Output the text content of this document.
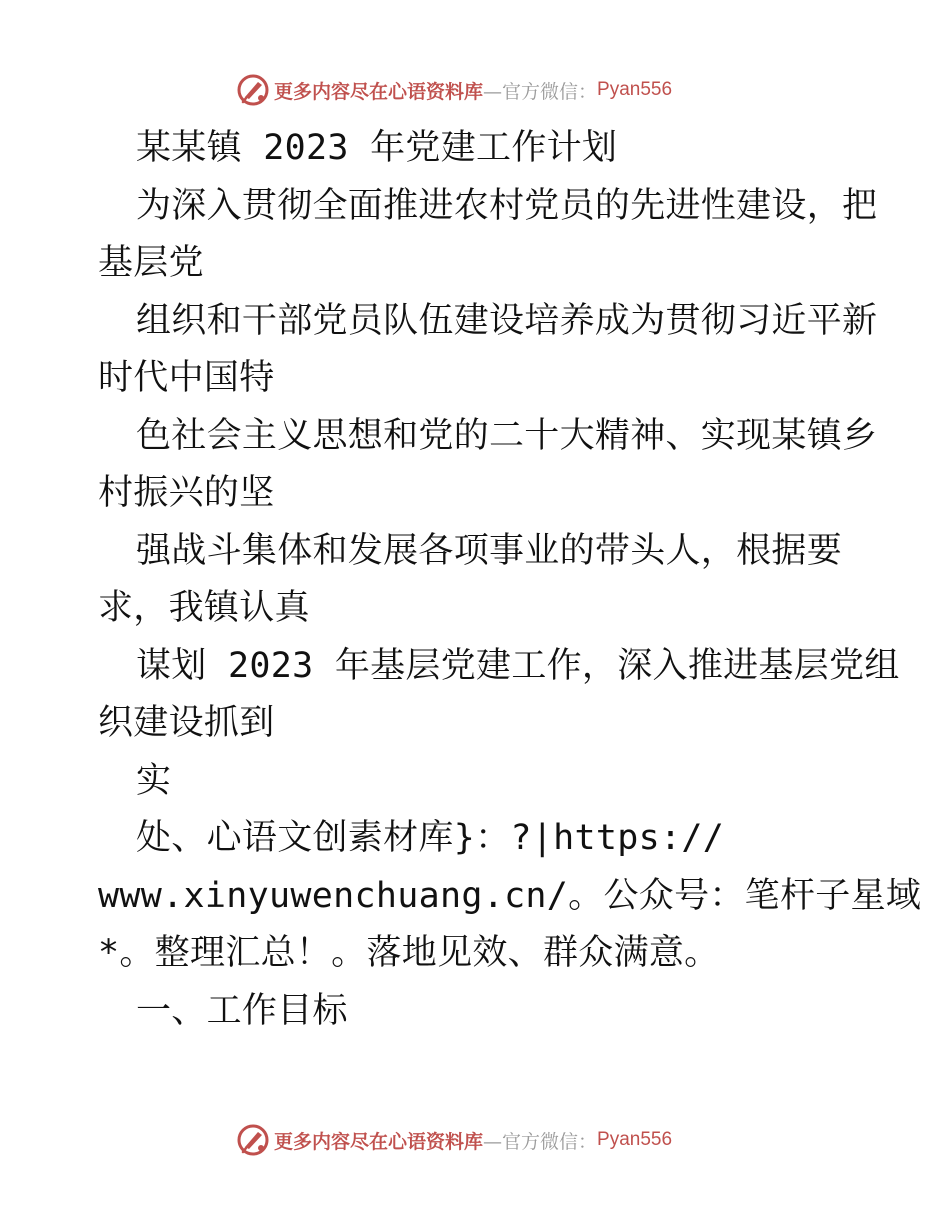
更多内容尽在心语资料库 —官方微信： Pyan556
某某镇 2023 年党建工作计划
为深入贯彻全面推进农村党员的先进性建设，把
基层党
组织和干部党员队伍建设培养成为贯彻习近平新
时代中国特
色社会主义思想和党的二十大精神、实现某镇乡
村振兴的坚
强战斗集体和发展各项事业的带头人，根据要
求，我镇认真
谋划 2023 年基层党建工作，深入推进基层党组
织建设抓到
实
处、心语文创素材库}：?|https://
www.xinyuwenchuang.cn/。公众号：笔杆子星域
*。整理汇总！。落地见效、群众满意。
一、工作目标
更多内容尽在心语资料库 —官方微信： Pyan556
